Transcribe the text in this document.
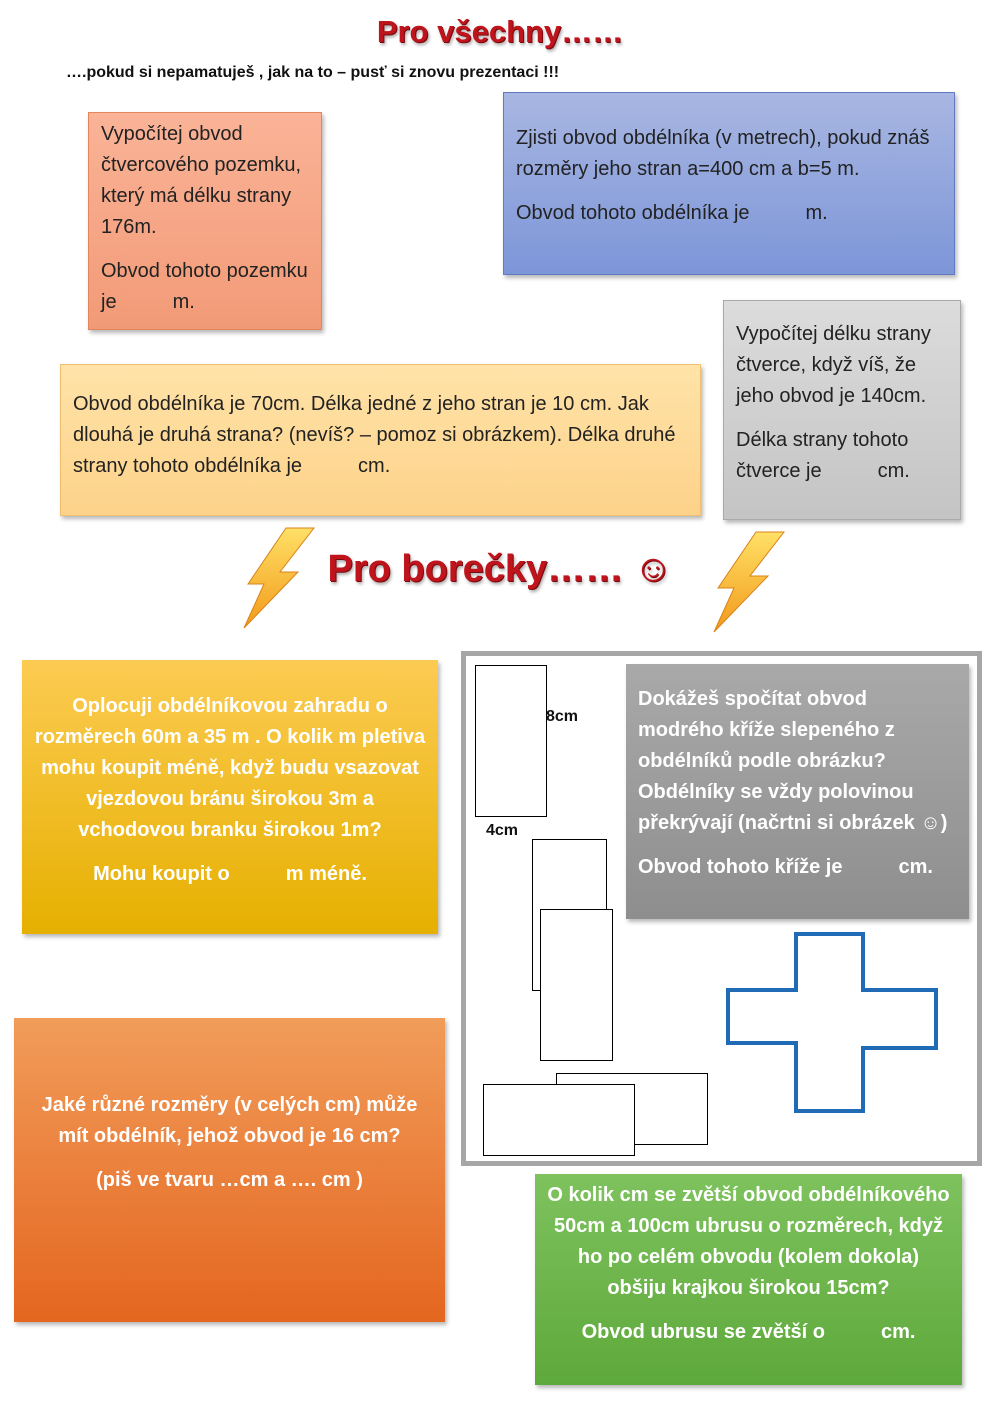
Pro všechny……
….pokud si nepamatuješ , jak na to – pusť si znovu prezentaci !!!

Vypočítej obvod čtvercového pozemku, který má délku strany 176m.

Obvod tohoto pozemku je	m.

Zjisti obvod obdélníka (v metrech), pokud znáš rozměry jeho stran a=400 cm a b=5 m.

Obvod tohoto obdélníka je	m.

Vypočítej délku strany čtverce, když víš, že jeho obvod je 140cm.

Délka strany tohoto čtverce je	cm.

Obvod obdélníka je 70cm. Délka jedné z jeho stran je 10 cm. Jak dlouhá je druhá strana? (nevíš? – pomoz si obrázkem). Délka druhé strany tohoto obdélníka je	cm.

Pro borečky…… ☺

Oplocuji obdélníkovou zahradu o rozměrech 60m a 35 m . O kolik m pletiva mohu koupit méně, když budu vsazovat vjezdovou bránu širokou 3m a vchodovou branku širokou 1m?

Mohu koupit o	m méně.

8cm
4cm

Dokážeš spočítat obvod modrého kříže slepeného z obdélníků podle obrázku? Obdélníky se vždy polovinou překrývají (načrtni si obrázek ☺)

Obvod tohoto kříže je	cm.

Jaké různé rozměry (v celých cm) může mít obdélník, jehož obvod je 16 cm?

(piš ve tvaru …cm a …. cm )

O kolik cm se zvětší obvod obdélníkového 50cm a 100cm ubrusu o rozměrech, když ho po celém obvodu (kolem dokola) obšiju krajkou širokou 15cm?

Obvod ubrusu se zvětší o	cm.
